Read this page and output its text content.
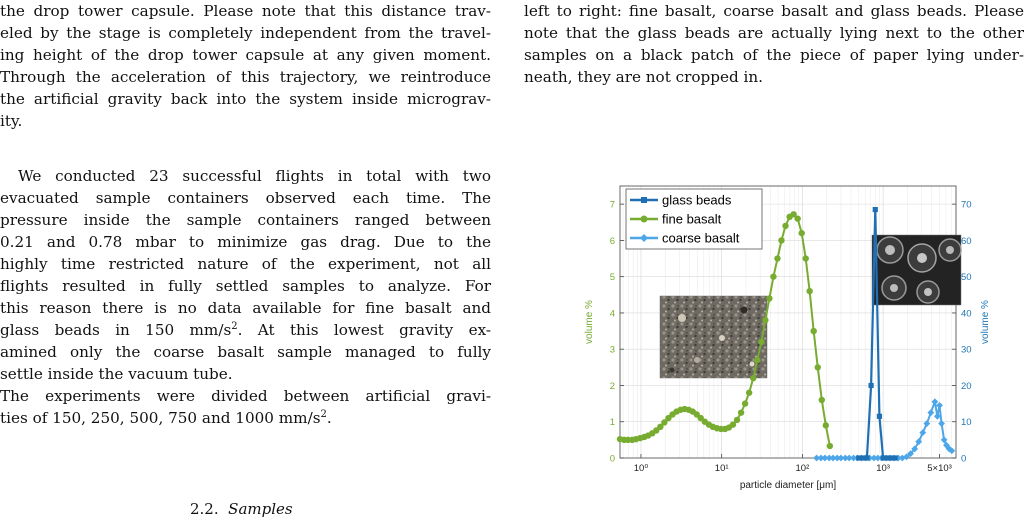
the drop tower capsule. Please note that this distance trav-
eled by the stage is completely independent from the travel-
ing height of the drop tower capsule at any given moment.
Through the acceleration of this trajectory, we reintroduce
the artificial gravity back into the system inside micrograv-
ity.
We conducted 23 successful flights in total with two
evacuated sample containers observed each time. The
pressure inside the sample containers ranged between
0.21 and 0.78 mbar to minimize gas drag. Due to the
highly time restricted nature of the experiment, not all
flights resulted in fully settled samples to analyze. For
this reason there is no data available for fine basalt and
glass beads in 150 $mm/s^2$. At this lowest gravity ex-
amined only the coarse basalt sample managed to fully
settle inside the vacuum tube.
The experiments were divided between artificial gravi-
ties of 150, 250, 500, 750 and 1000 $mm/s^2$.
2.2. Samples
left to right: fine basalt, coarse basalt and glass beads. Please
note that the glass beads are actually lying next to the other
samples on a black patch of the piece of paper lying under-
neath, they are not cropped in.
10⁰	10¹	10²	10³	5×10³
0
1
2
3
4
5
6
7
0
10
20
30
40
50
60
70
particle diameter [μm]
volume %	volume %
glass beads
fine basalt
coarse basalt
